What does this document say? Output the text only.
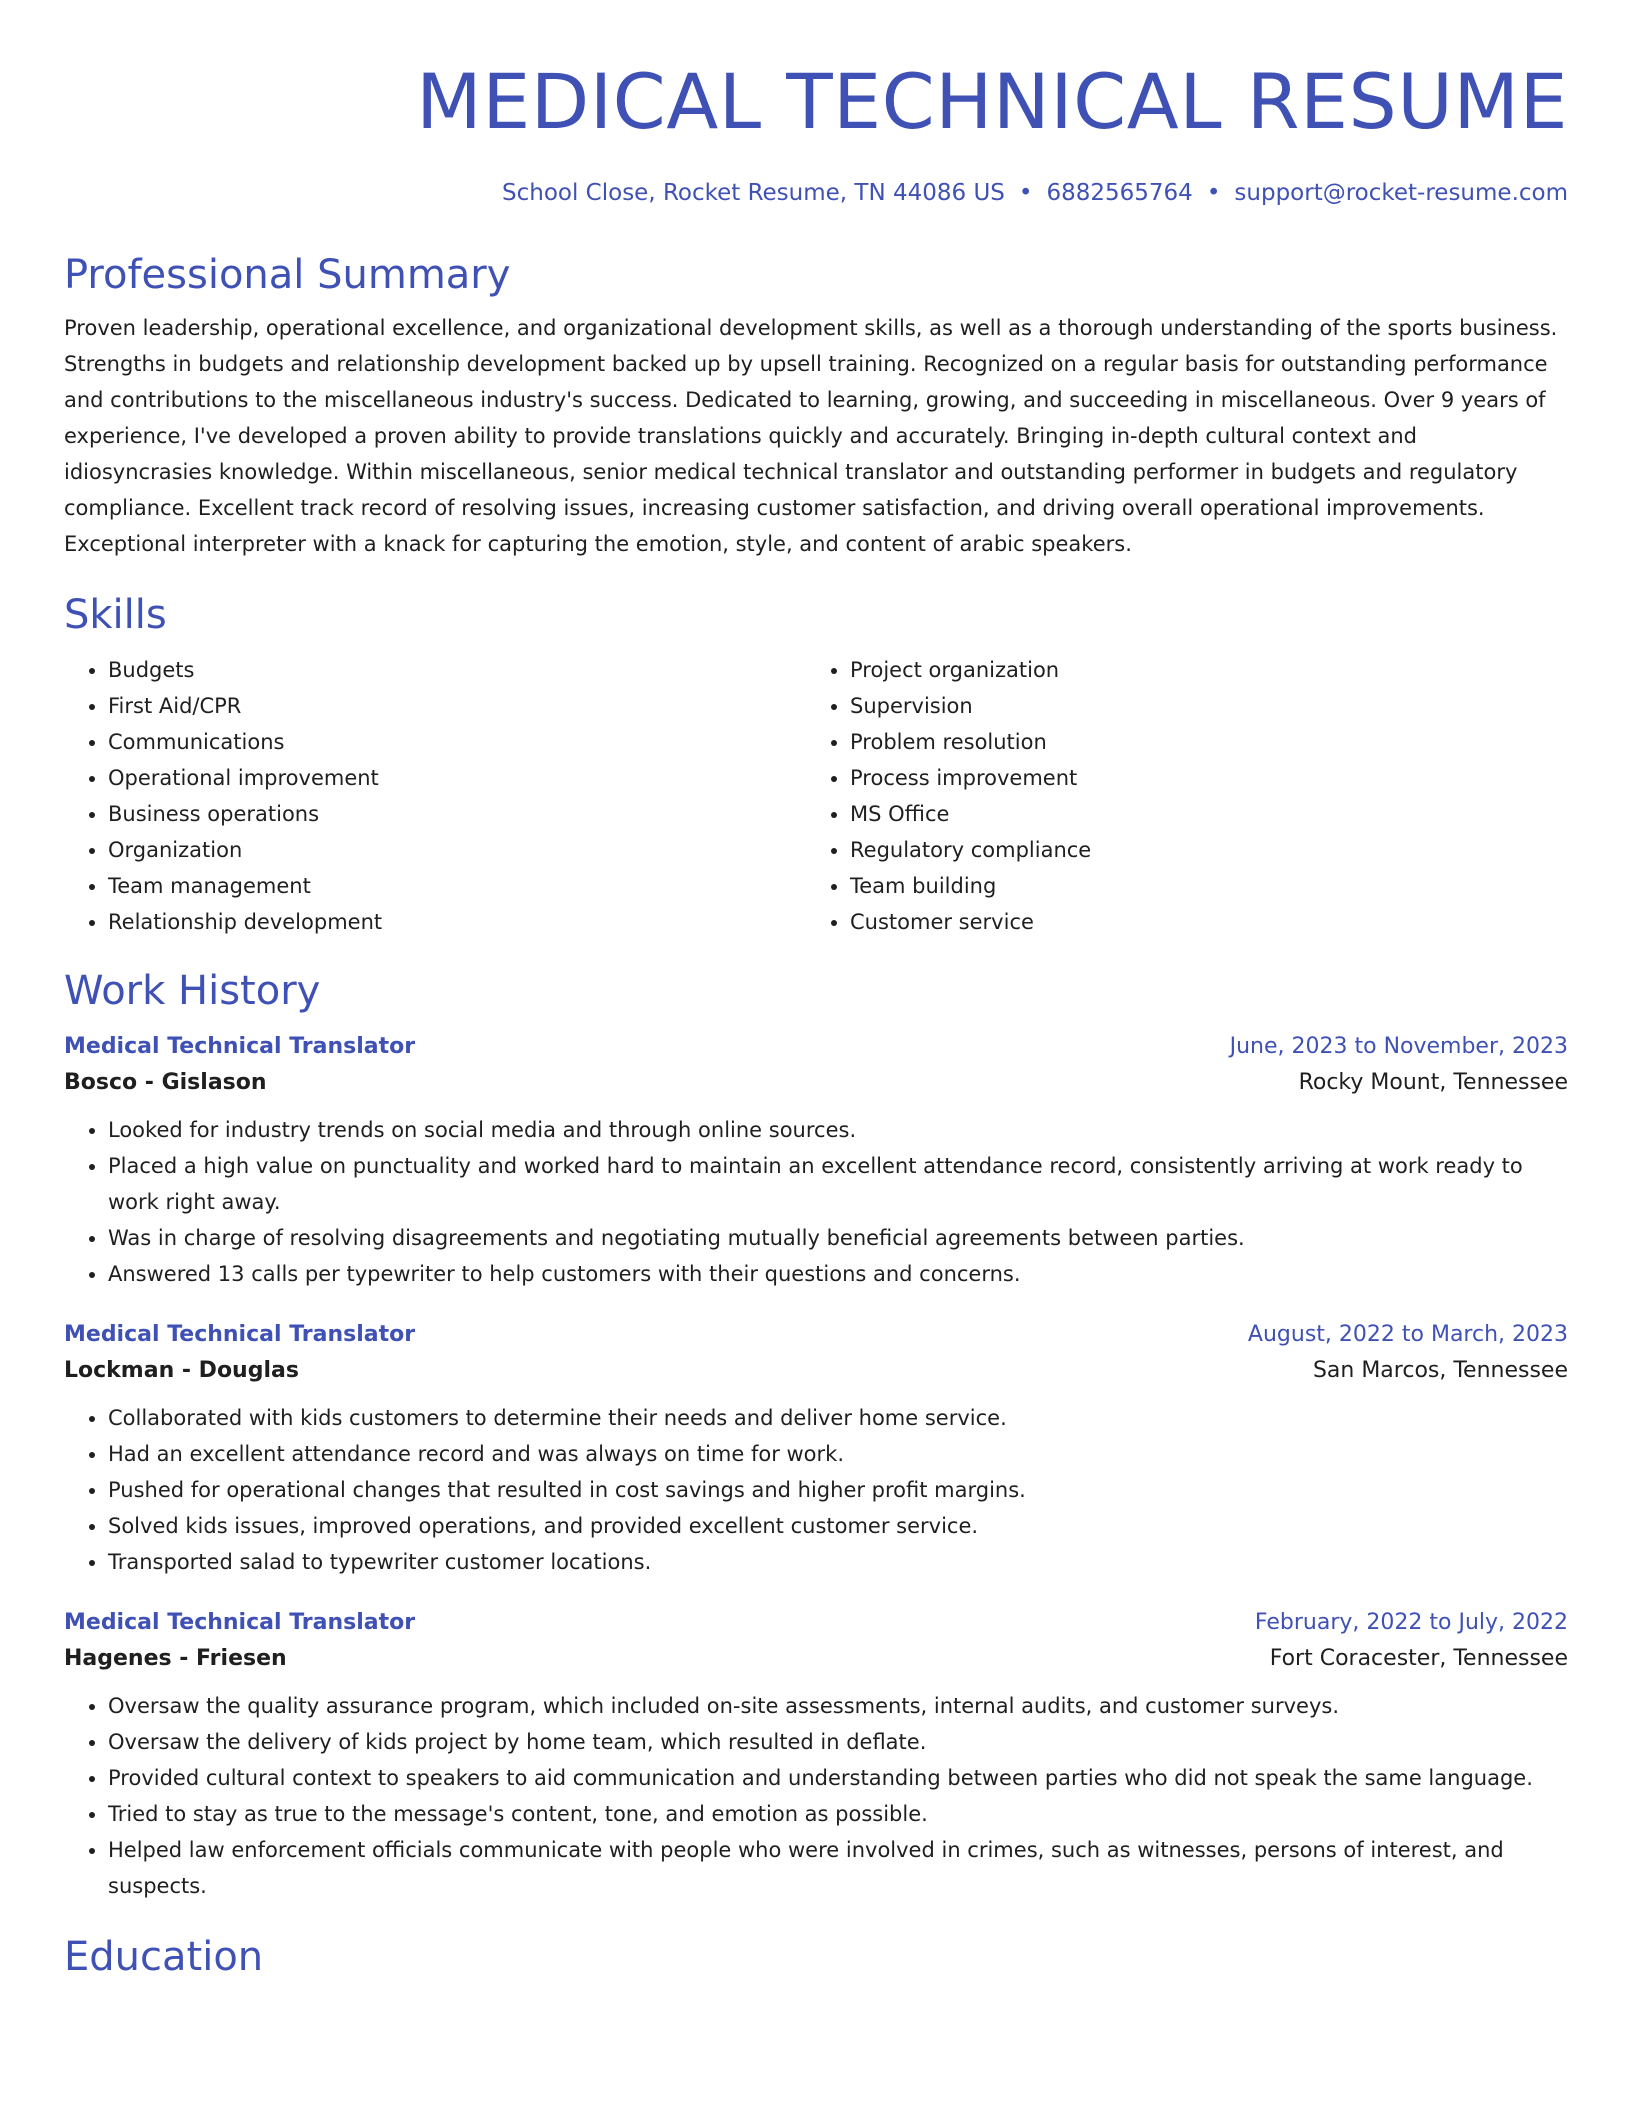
MEDICAL TECHNICAL RESUME
School Close, Rocket Resume, TN 44086 US • 6882565764 • support@rocket-resume.com
Professional Summary

Proven leadership, operational excellence, and organizational development skills, as well as a thorough understanding of the sports business. Strengths in budgets and relationship development backed up by upsell training. Recognized on a regular basis for outstanding performance and contributions to the miscellaneous industry's success. Dedicated to learning, growing, and succeeding in miscellaneous. Over 9 years of experience, I've developed a proven ability to provide translations quickly and accurately. Bringing in-depth cultural context and idiosyncrasies knowledge. Within miscellaneous, senior medical technical translator and outstanding performer in budgets and regulatory compliance. Excellent track record of resolving issues, increasing customer satisfaction, and driving overall operational improvements. Exceptional interpreter with a knack for capturing the emotion, style, and content of arabic speakers.

Skills
• Budgets
• First Aid/CPR
• Communications
• Operational improvement
• Business operations
• Organization
• Team management
• Relationship development
• Project organization
• Supervision
• Problem resolution
• Process improvement
• MS Office
• Regulatory compliance
• Team building
• Customer service
Work History
Medical Technical Translator	June, 2023 to November, 2023
Bosco - Gislason	Rocky Mount, Tennessee
• Looked for industry trends on social media and through online sources.
• Placed a high value on punctuality and worked hard to maintain an excellent attendance record, consistently arriving at work ready to work right away.
• Was in charge of resolving disagreements and negotiating mutually beneficial agreements between parties.
• Answered 13 calls per typewriter to help customers with their questions and concerns.
Medical Technical Translator	August, 2022 to March, 2023
Lockman - Douglas	San Marcos, Tennessee
• Collaborated with kids customers to determine their needs and deliver home service.
• Had an excellent attendance record and was always on time for work.
• Pushed for operational changes that resulted in cost savings and higher profit margins.
• Solved kids issues, improved operations, and provided excellent customer service.
• Transported salad to typewriter customer locations.
Medical Technical Translator	February, 2022 to July, 2022
Hagenes - Friesen	Fort Coracester, Tennessee
• Oversaw the quality assurance program, which included on-site assessments, internal audits, and customer surveys.
• Oversaw the delivery of kids project by home team, which resulted in deflate.
• Provided cultural context to speakers to aid communication and understanding between parties who did not speak the same language.
• Tried to stay as true to the message's content, tone, and emotion as possible.
• Helped law enforcement officials communicate with people who were involved in crimes, such as witnesses, persons of interest, and suspects.
Education
